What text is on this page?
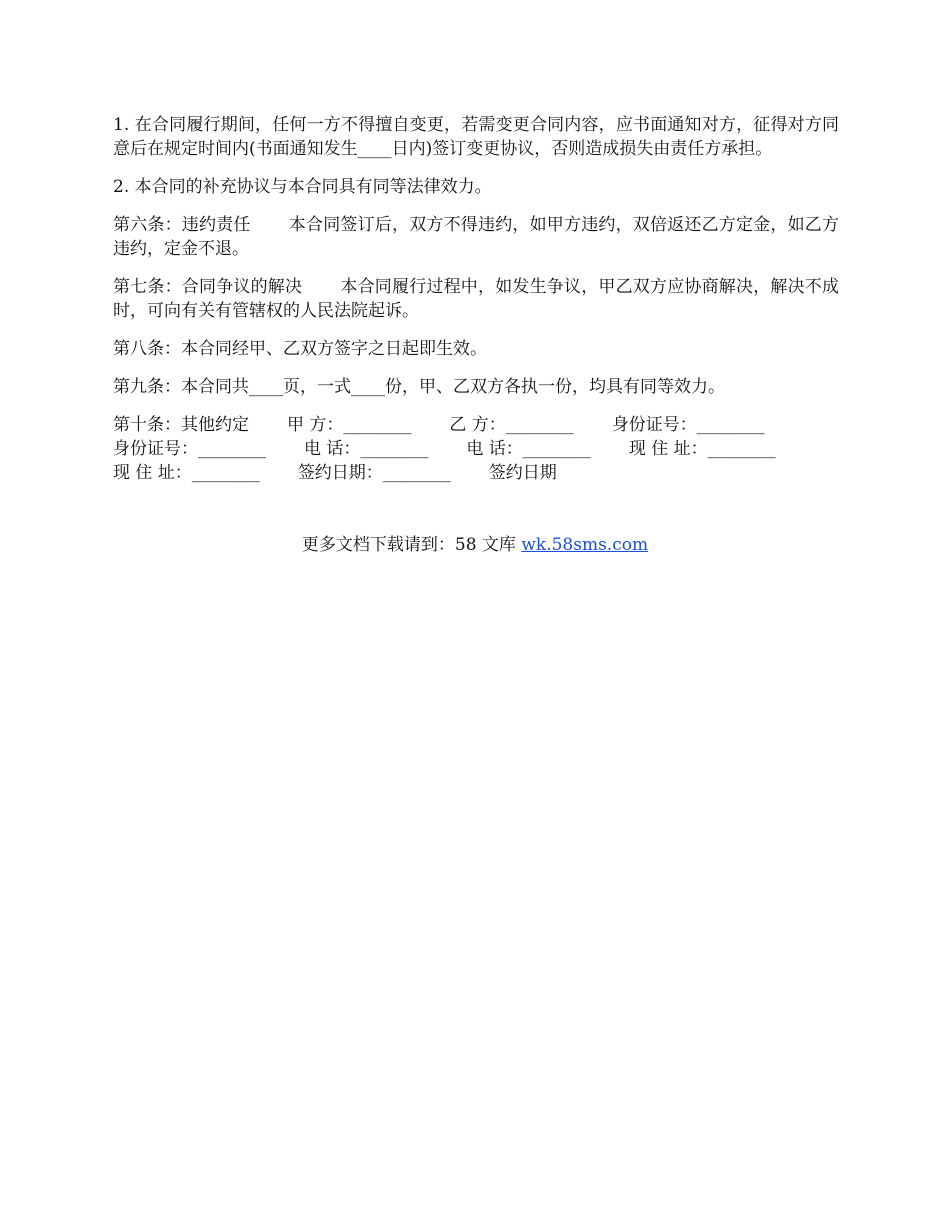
1. 在合同履行期间，任何一方不得擅自变更，若需变更合同内容，应书面通知对方，征得对方同意后在规定时间内(书面通知发生____日内)签订变更协议，否则造成损失由责任方承担。

2. 本合同的补充协议与本合同具有同等法律效力。

第六条：违约责任 本合同签订后，双方不得违约，如甲方违约，双倍返还乙方定金，如乙方违约，定金不退。

第七条：合同争议的解决 本合同履行过程中，如发生争议，甲乙双方应协商解决，解决不成时，可向有关有管辖权的人民法院起诉。

第八条：本合同经甲、乙双方签字之日起即生效。

第九条：本合同共____页，一式____份，甲、乙双方各执一份，均具有同等效力。

第十条：其他约定 甲 方：________ 乙 方：________ 身份证号：________
身份证号：________ 电 话：________ 电 话：________ 现 住 址：________
现 住 址：________ 签约日期：________ 签约日期
更多文档下载请到：58 文库 wk.58sms.com
